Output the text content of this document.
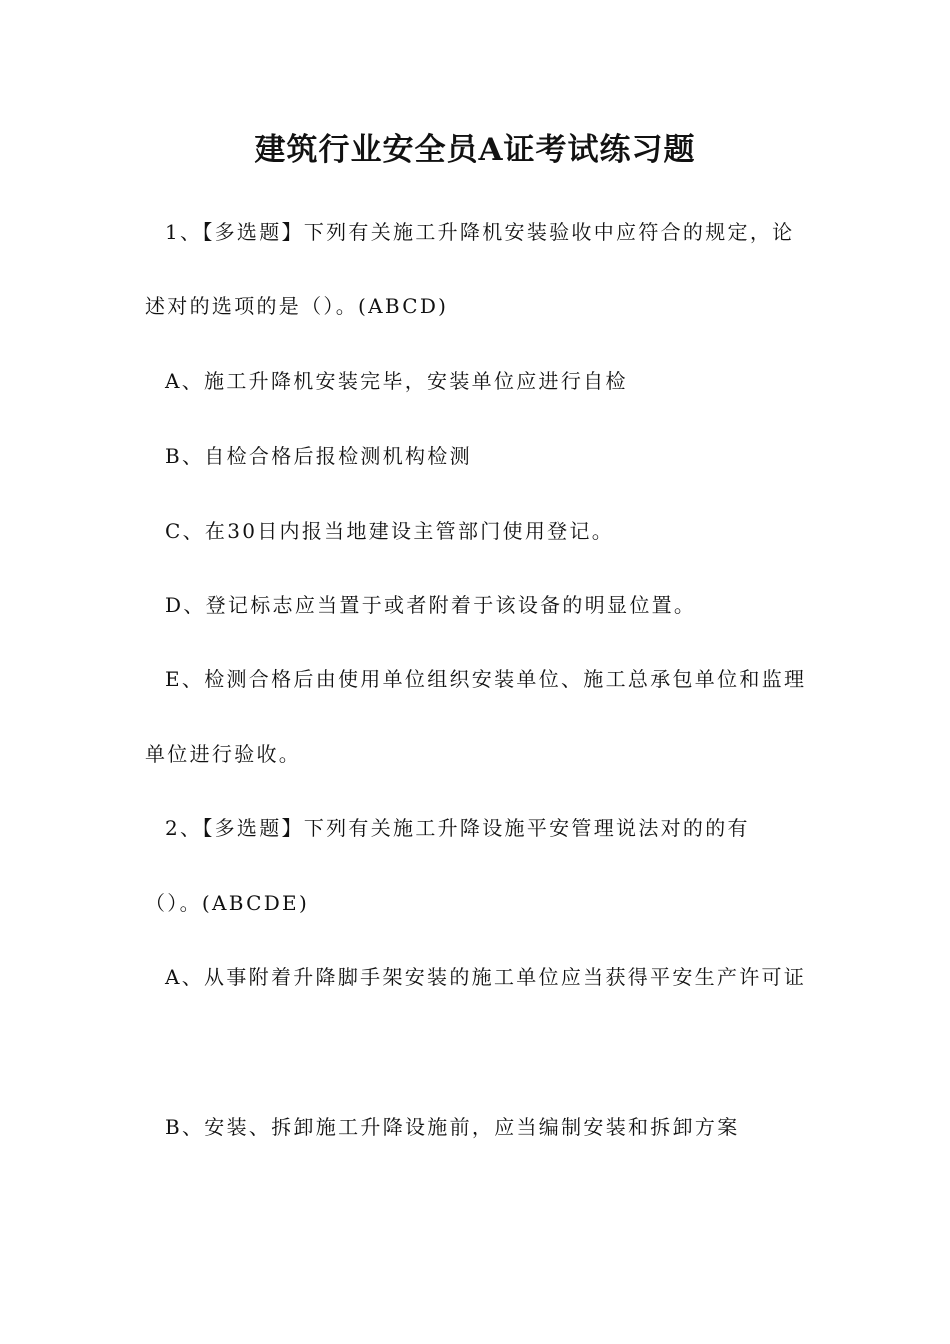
建筑行业安全员A证考试练习题
1、【多选题】下列有关施工升降机安装验收中应符合的规定，论
述对的选项的是（）。(ABCD)
A、施工升降机安装完毕，安装单位应进行自检
B、自检合格后报检测机构检测
C、在30日内报当地建设主管部门使用登记。
D、登记标志应当置于或者附着于该设备的明显位置。
E、检测合格后由使用单位组织安装单位、施工总承包单位和监理
单位进行验收。
2、【多选题】下列有关施工升降设施平安管理说法对的的有
（）。(ABCDE)
A、从事附着升降脚手架安装的施工单位应当获得平安生产许可证
B、安装、拆卸施工升降设施前，应当编制安装和拆卸方案
